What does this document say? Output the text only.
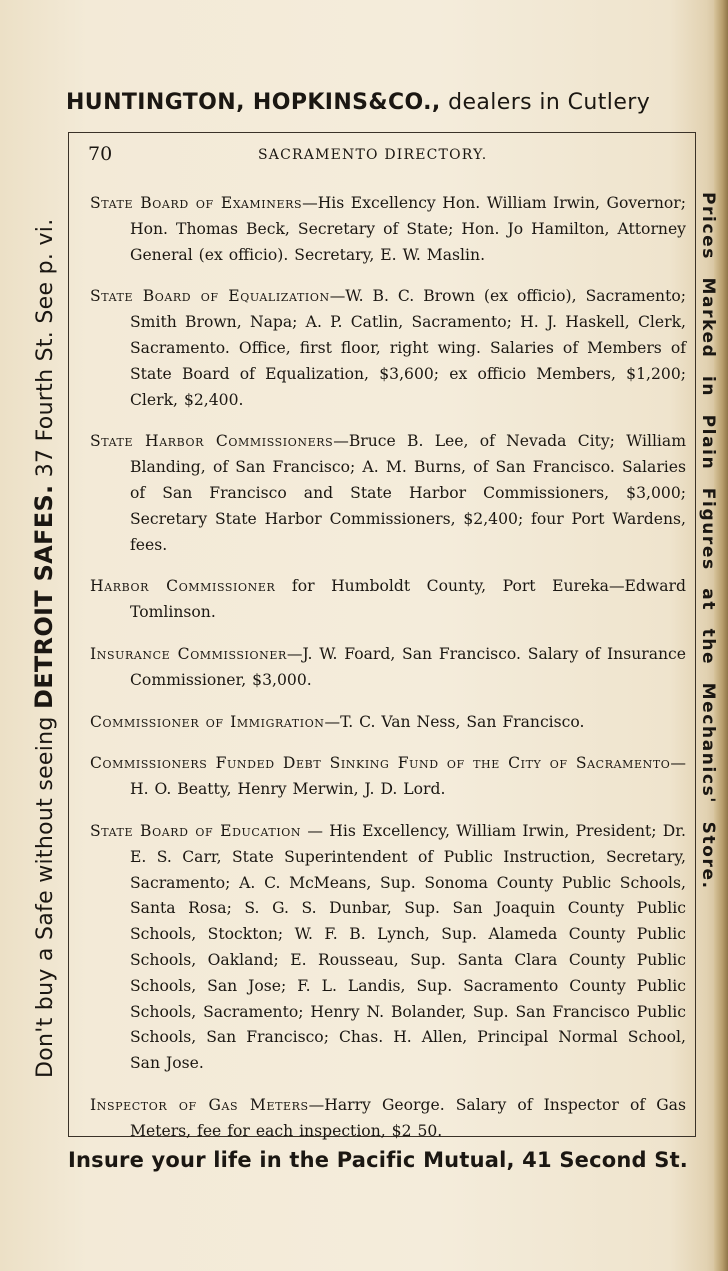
HUNTINGTON, HOPKINS&CO., dealers in Cutlery
Don't buy a Safe without seeing DETROIT SAFES. 37 Fourth St. See p. vi.	Prices Marked in Plain Figures at the Mechanics' Store.
70	SACRAMENTO DIRECTORY.

State Board of Examiners—His Excellency Hon. William Irwin, Governor; Hon. Thomas Beck, Secretary of State; Hon. Jo Hamilton, Attorney General (ex officio). Secretary, E. W. Maslin.

State Board of Equalization—W. B. C. Brown (ex officio), Sacramento; Smith Brown, Napa; A. P. Catlin, Sacramento; H. J. Haskell, Clerk, Sacramento. Office, first floor, right wing. Salaries of Members of State Board of Equalization, $3,600; ex officio Members, $1,200; Clerk, $2,400.

State Harbor Commissioners—Bruce B. Lee, of Nevada City; William Blanding, of San Francisco; A. M. Burns, of San Francisco. Salaries of San Francisco and State Harbor Commissioners, $3,000; Secretary State Harbor Commissioners, $2,400; four Port Wardens, fees.

Harbor Commissioner for Humboldt County, Port Eureka—Edward Tomlinson.

Insurance Commissioner—J. W. Foard, San Francisco. Salary of Insurance Commissioner, $3,000.

Commissioner of Immigration—T. C. Van Ness, San Francisco.

Commissioners Funded Debt Sinking Fund of the City of Sacramento—H. O. Beatty, Henry Merwin, J. D. Lord.

State Board of Education — His Excellency, William Irwin, President; Dr. E. S. Carr, State Superintendent of Public Instruction, Secretary, Sacramento; A. C. McMeans, Sup. Sonoma County Public Schools, Santa Rosa; S. G. S. Dunbar, Sup. San Joaquin County Public Schools, Stockton; W. F. B. Lynch, Sup. Alameda County Public Schools, Oakland; E. Rousseau, Sup. Santa Clara County Public Schools, San Jose; F. L. Landis, Sup. Sacramento County Public Schools, Sacramento; Henry N. Bolander, Sup. San Francisco Public Schools, San Francisco; Chas. H. Allen, Principal Normal School, San Jose.

Inspector of Gas Meters—Harry George. Salary of Inspector of Gas Meters, fee for each inspection, $2 50.

Insure your life in the Pacific Mutual, 41 Second St.
